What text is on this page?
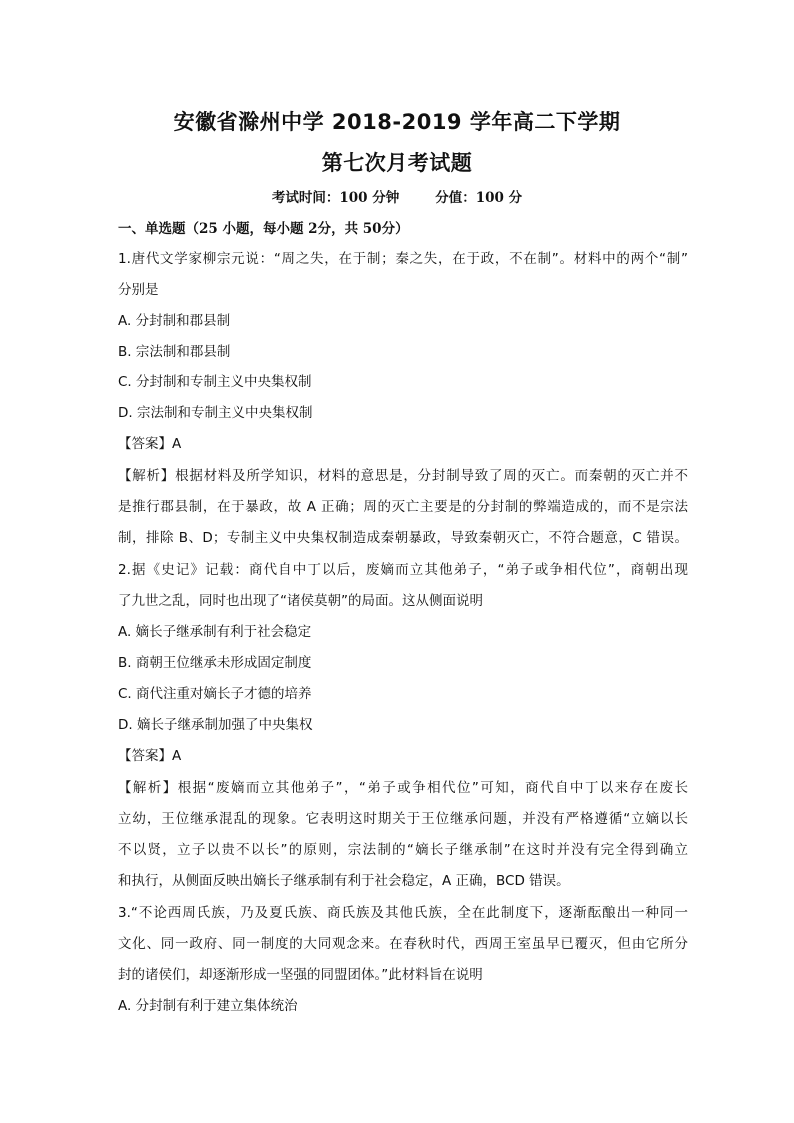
安徽省滁州中学 2018-2019 学年高二下学期
第七次月考试题
考试时间：100 分钟	分值：100 分
一、单选题（25 小题，每小题 2分，共 50分）
1.唐代文学家柳宗元说：“周之失，在于制；秦之失，在于政，不在制”。材料中的两个“制”
分别是
A. 分封制和郡县制
B. 宗法制和郡县制
C. 分封制和专制主义中央集权制
D. 宗法制和专制主义中央集权制
【答案】A
【解析】根据材料及所学知识，材料的意思是，分封制导致了周的灭亡。而秦朝的灭亡并不
是推行郡县制，在于暴政，故 A 正确；周的灭亡主要是的分封制的弊端造成的，而不是宗法
制，排除 B、D；专制主义中央集权制造成秦朝暴政，导致秦朝灭亡，不符合题意，C 错误。
2.据《史记》记载：商代自中丁以后，废嫡而立其他弟子，“弟子或争相代位”，商朝出现
了九世之乱，同时也出现了“诸侯莫朝”的局面。这从侧面说明
A. 嫡长子继承制有利于社会稳定
B. 商朝王位继承未形成固定制度
C. 商代注重对嫡长子才德的培养
D. 嫡长子继承制加强了中央集权
【答案】A
【解析】根据“废嫡而立其他弟子”，“弟子或争相代位”可知，商代自中丁以来存在废长
立幼，王位继承混乱的现象。它表明这时期关于王位继承问题，并没有严格遵循“立嫡以长
不以贤，立子以贵不以长”的原则，宗法制的“嫡长子继承制”在这时并没有完全得到确立
和执行，从侧面反映出嫡长子继承制有利于社会稳定，A 正确，BCD 错误。
3.“不论西周氏族，乃及夏氏族、商氏族及其他氏族，全在此制度下，逐渐酝酿出一种同一
文化、同一政府、同一制度的大同观念来。在春秋时代，西周王室虽早已覆灭，但由它所分
封的诸侯们，却逐渐形成一坚强的同盟团体。”此材料旨在说明
A. 分封制有利于建立集体统治
